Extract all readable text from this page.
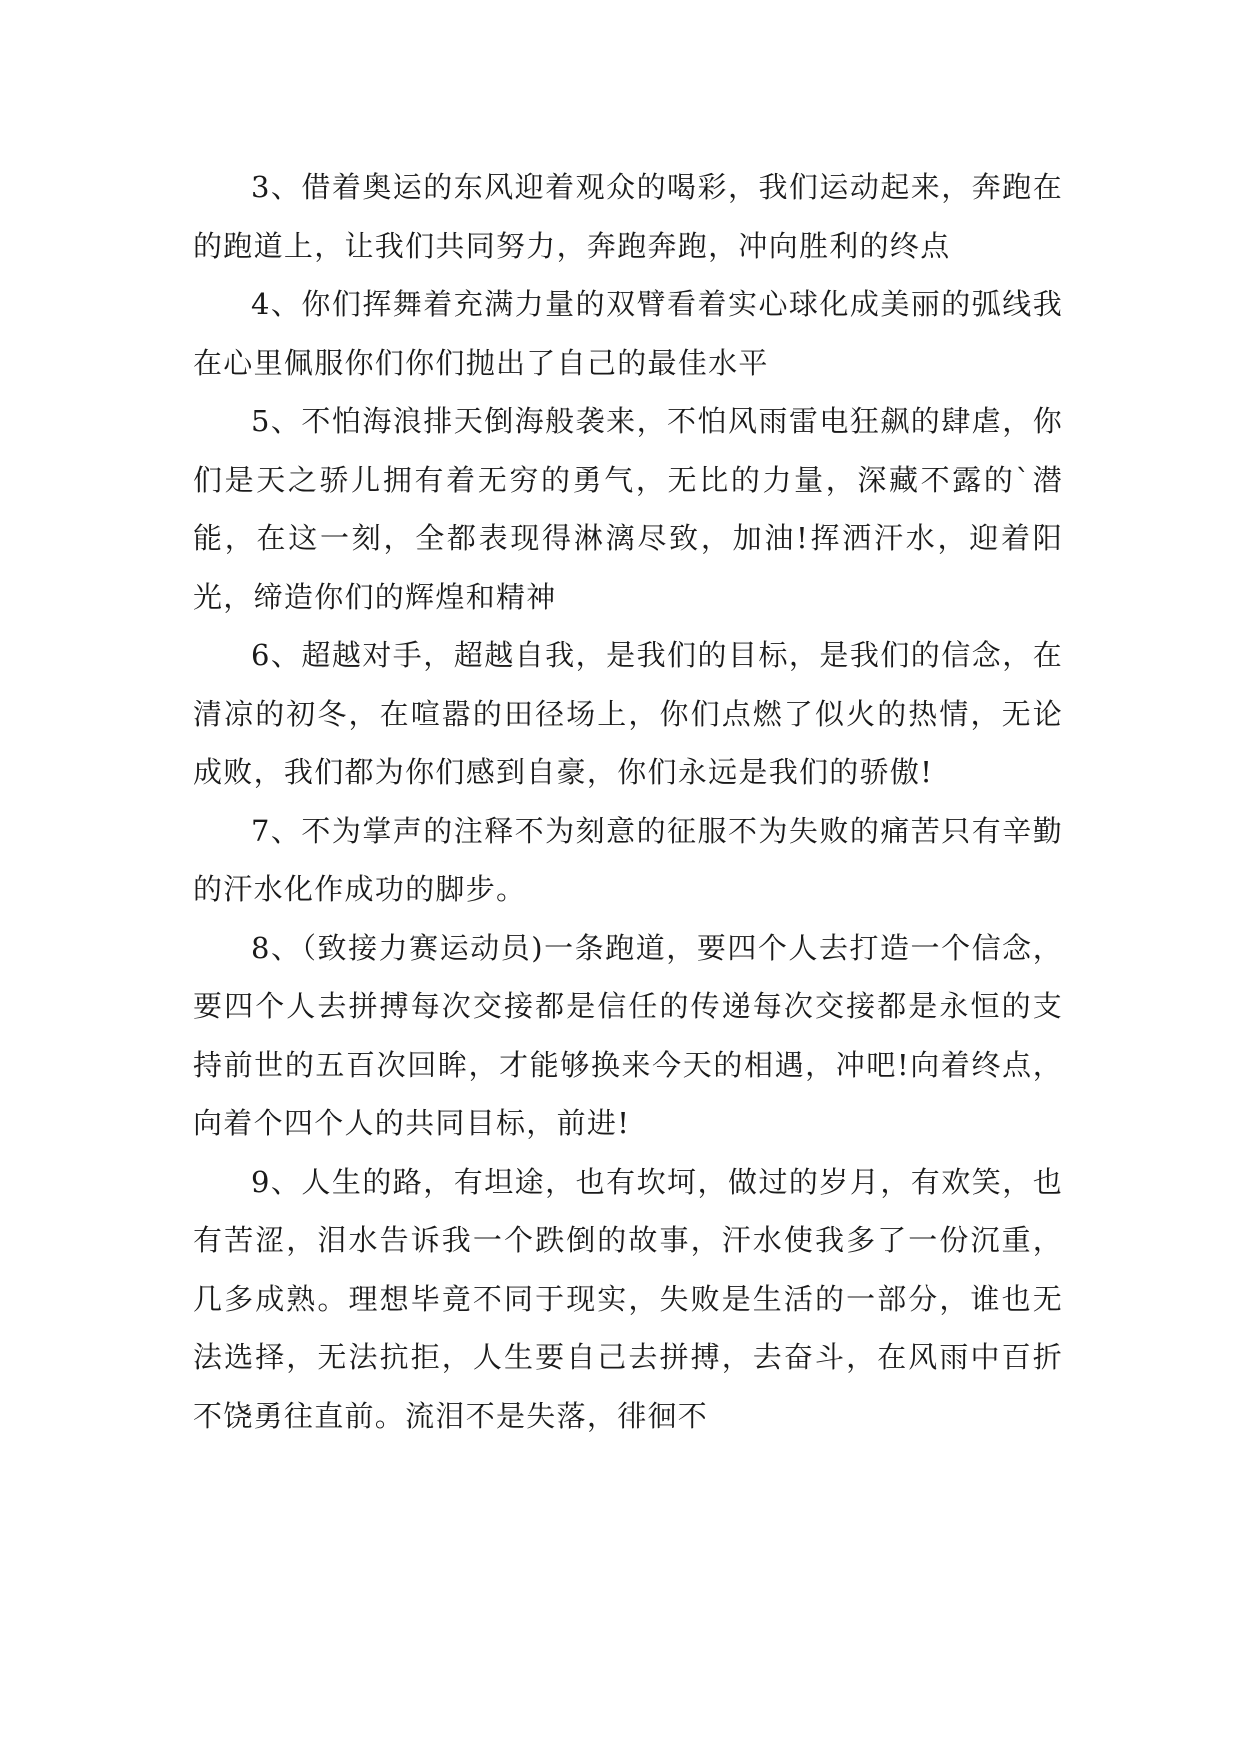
3、借着奥运的东风迎着观众的喝彩，我们运动起来，奔跑在的跑道上，让我们共同努力，奔跑奔跑，冲向胜利的终点

4、你们挥舞着充满力量的双臂看着实心球化成美丽的弧线我在心里佩服你们你们抛出了自己的最佳水平

5、不怕海浪排天倒海般袭来，不怕风雨雷电狂飙的肆虐，你们是天之骄儿拥有着无穷的勇气，无比的力量，深藏不露的`潜能，在这一刻，全都表现得淋漓尽致，加油!挥洒汗水，迎着阳光，缔造你们的辉煌和精神

6、超越对手，超越自我，是我们的目标，是我们的信念，在清凉的初冬，在喧嚣的田径场上，你们点燃了似火的热情，无论成败，我们都为你们感到自豪，你们永远是我们的骄傲!

7、不为掌声的注释不为刻意的征服不为失败的痛苦只有辛勤的汗水化作成功的脚步。

8、（致接力赛运动员)一条跑道，要四个人去打造一个信念，要四个人去拼搏每次交接都是信任的传递每次交接都是永恒的支持前世的五百次回眸，才能够换来今天的相遇，冲吧!向着终点，向着个四个人的共同目标，前进!

9、人生的路，有坦途，也有坎坷，做过的岁月，有欢笑，也有苦涩，泪水告诉我一个跌倒的故事，汗水使我多了一份沉重，几多成熟。理想毕竟不同于现实，失败是生活的一部分，谁也无法选择，无法抗拒，人生要自己去拼搏，去奋斗，在风雨中百折不饶勇往直前。流泪不是失落，徘徊不
